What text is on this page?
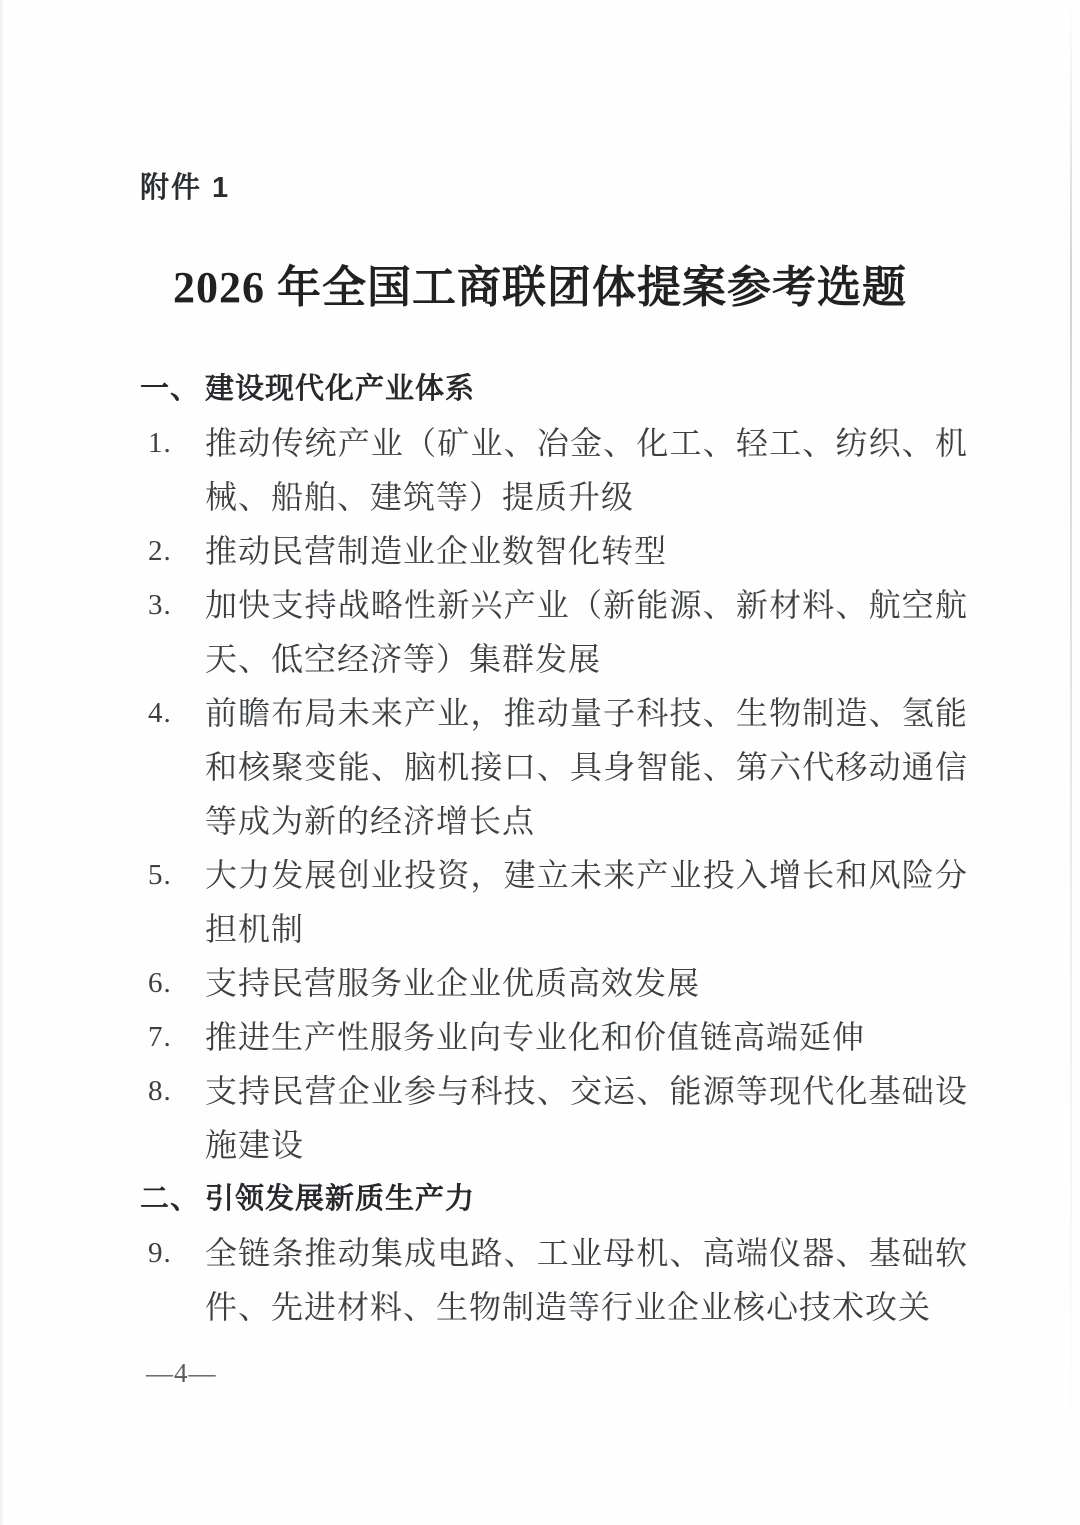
附件 1
2026 年全国工商联团体提案参考选题
一、 建设现代化产业体系
1.	推动传统产业（矿业、冶金、化工、轻工、纺织、机械、船舶、建筑等）提质升级
2.	推动民营制造业企业数智化转型
3.	加快支持战略性新兴产业（新能源、新材料、航空航天、低空经济等）集群发展
4.	前瞻布局未来产业，推动量子科技、生物制造、氢能和核聚变能、脑机接口、具身智能、第六代移动通信等成为新的经济增长点
5.	大力发展创业投资，建立未来产业投入增长和风险分担机制
6.	支持民营服务业企业优质高效发展
7.	推进生产性服务业向专业化和价值链高端延伸
8.	支持民营企业参与科技、交运、能源等现代化基础设施建设
二、 引领发展新质生产力
9.	全链条推动集成电路、工业母机、高端仪器、基础软件、先进材料、生物制造等行业企业核心技术攻关
—4—
